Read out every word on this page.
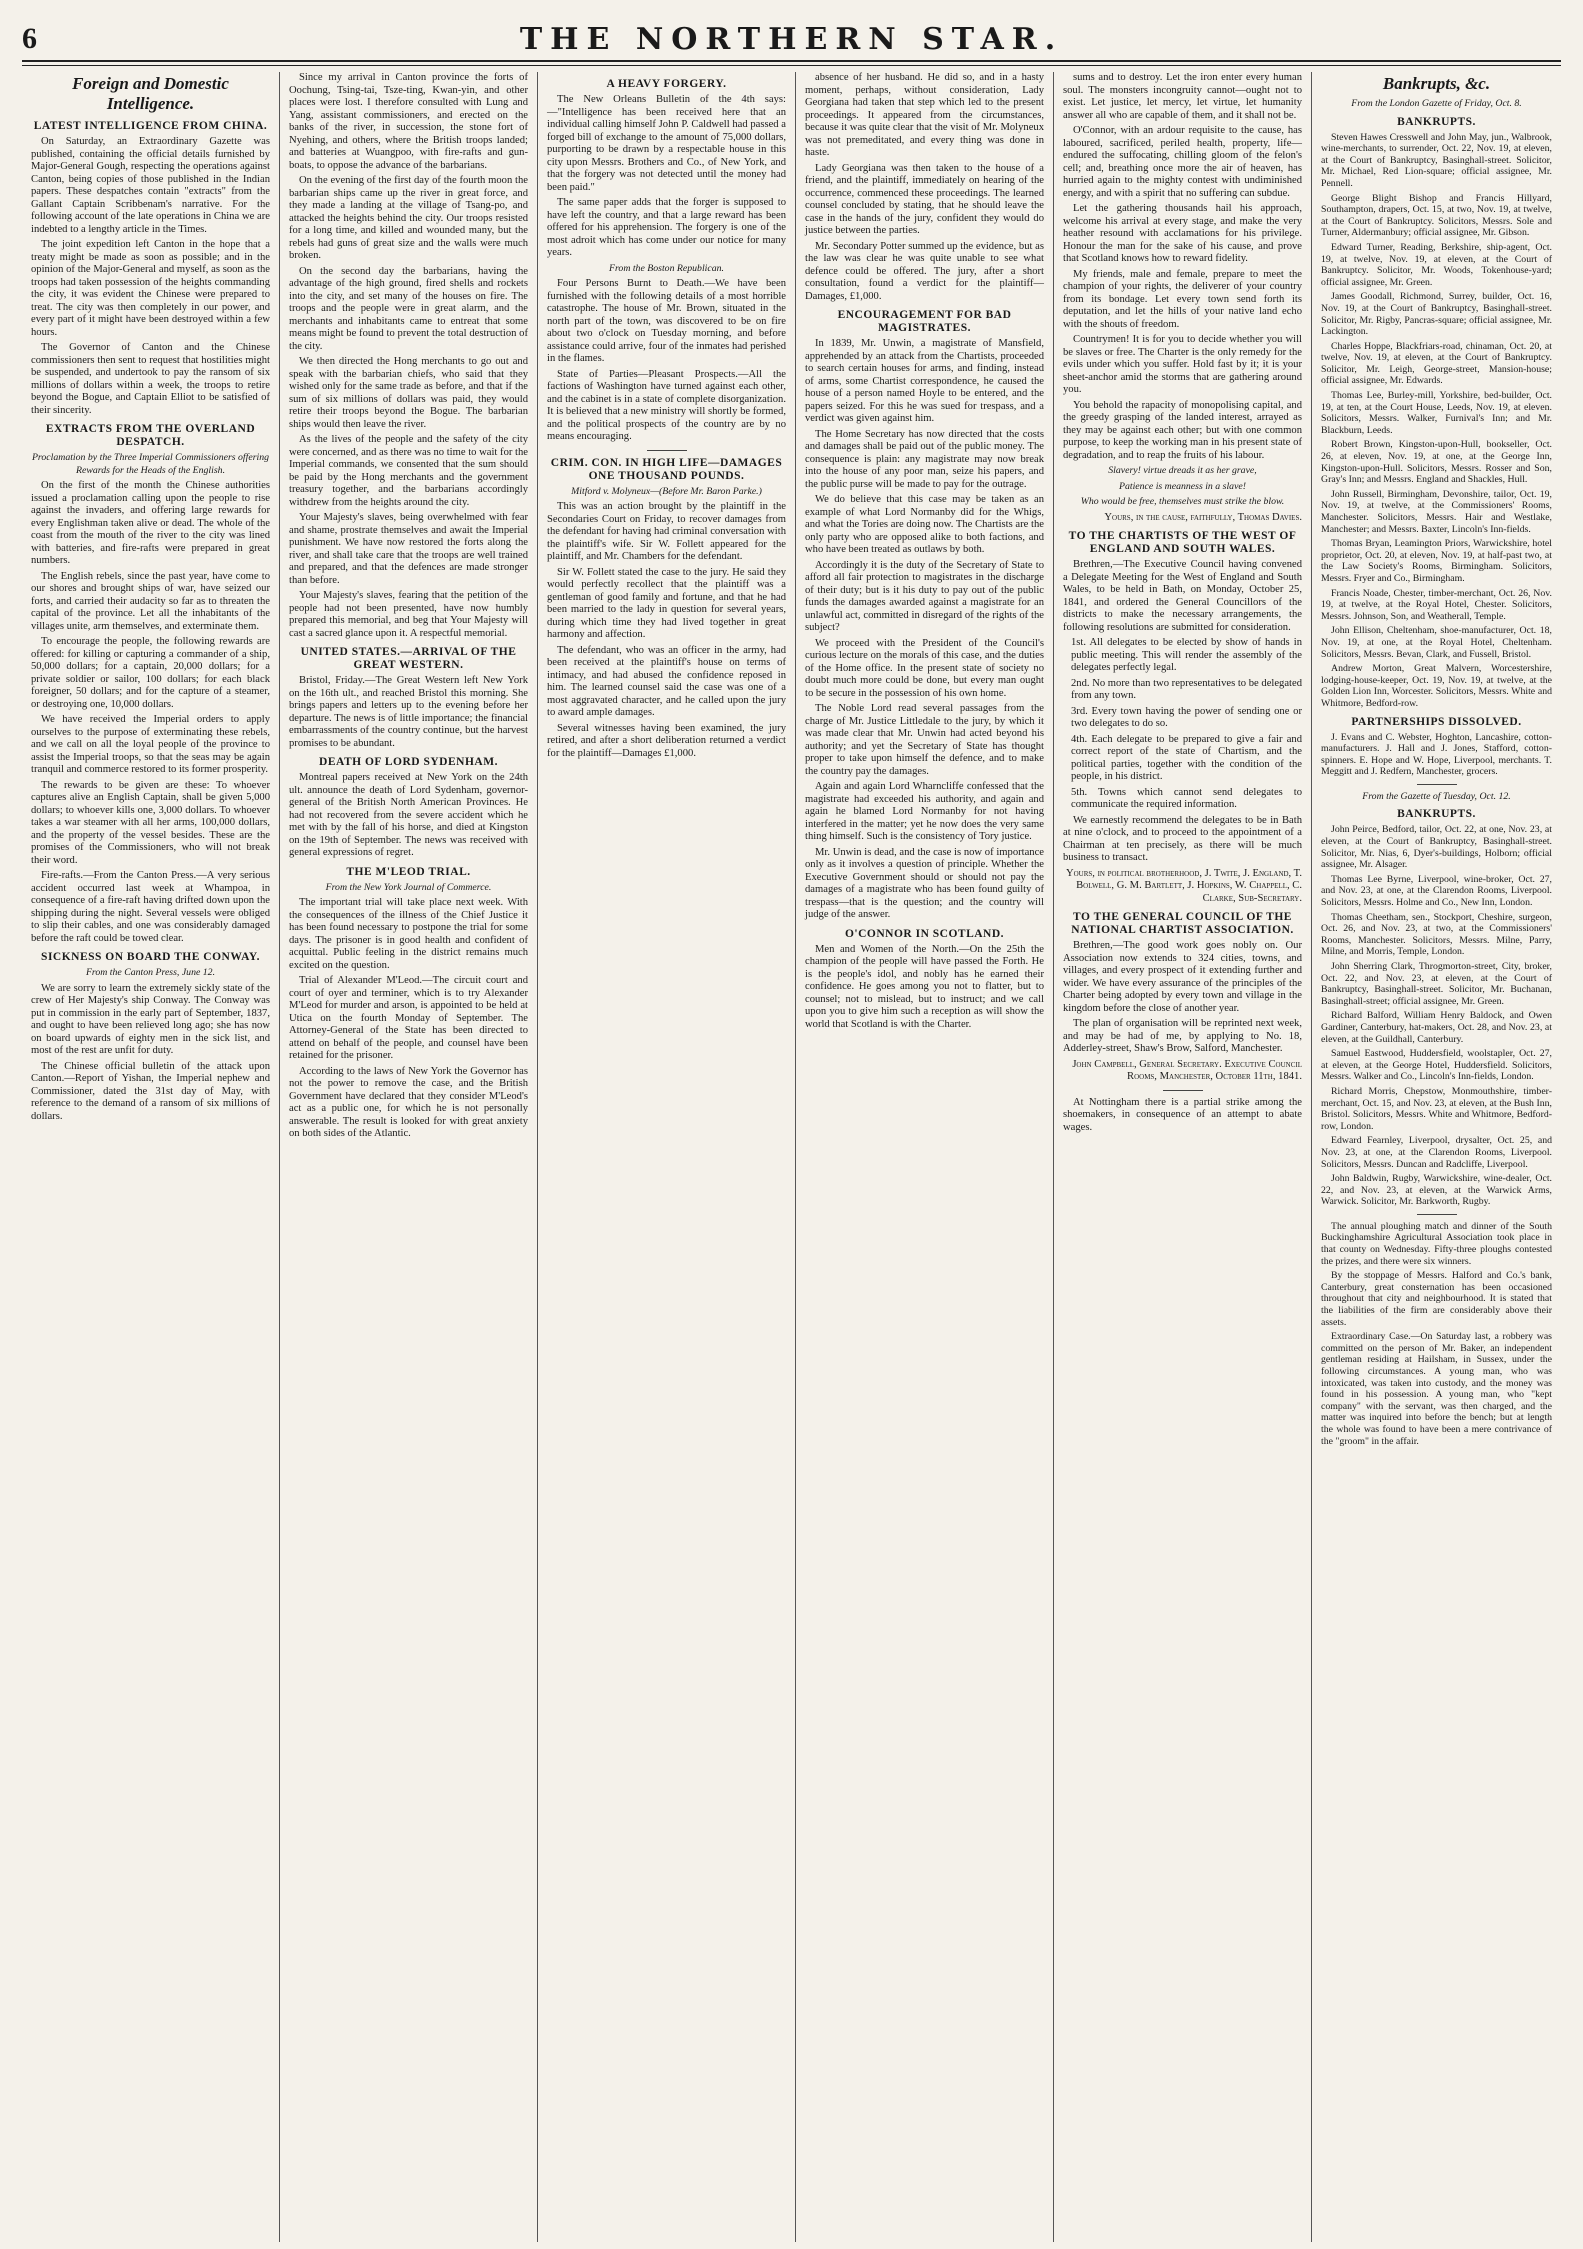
6	THE NORTHERN STAR.
Foreign and Domestic Intelligence.
LATEST INTELLIGENCE FROM CHINA.

On Saturday, an Extraordinary Gazette was published, containing the official details furnished by Major-General Gough, respecting the operations against Canton, being copies of those published in the Indian papers. These despatches contain "extracts" from the Gallant Captain Scribbenam's narrative. For the following account of the late operations in China we are indebted to a lengthy article in the Times.

The joint expedition left Canton in the hope that a treaty might be made as soon as possible; and in the opinion of the Major-General and myself, as soon as the troops had taken possession of the heights commanding the city, it was evident the Chinese were prepared to treat. The city was then completely in our power, and every part of it might have been destroyed within a few hours.

The Governor of Canton and the Chinese commissioners then sent to request that hostilities might be suspended, and undertook to pay the ransom of six millions of dollars within a week, the troops to retire beyond the Bogue, and Captain Elliot to be satisfied of their sincerity.

EXTRACTS FROM THE OVERLAND DESPATCH.
Proclamation by the Three Imperial Commissioners offering Rewards for the Heads of the English.

On the first of the month the Chinese authorities issued a proclamation calling upon the people to rise against the invaders, and offering large rewards for every Englishman taken alive or dead. The whole of the coast from the mouth of the river to the city was lined with batteries, and fire-rafts were prepared in great numbers.

The English rebels, since the past year, have come to our shores and brought ships of war, have seized our forts, and carried their audacity so far as to threaten the capital of the province. Let all the inhabitants of the villages unite, arm themselves, and exterminate them.

To encourage the people, the following rewards are offered: for killing or capturing a commander of a ship, 50,000 dollars; for a captain, 20,000 dollars; for a private soldier or sailor, 100 dollars; for each black foreigner, 50 dollars; and for the capture of a steamer, or destroying one, 10,000 dollars.

We have received the Imperial orders to apply ourselves to the purpose of exterminating these rebels, and we call on all the loyal people of the province to assist the Imperial troops, so that the seas may be again tranquil and commerce restored to its former prosperity.

The rewards to be given are these: To whoever captures alive an English Captain, shall be given 5,000 dollars; to whoever kills one, 3,000 dollars. To whoever takes a war steamer with all her arms, 100,000 dollars, and the property of the vessel besides. These are the promises of the Commissioners, who will not break their word.

Fire-rafts.—From the Canton Press.—A very serious accident occurred last week at Whampoa, in consequence of a fire-raft having drifted down upon the shipping during the night. Several vessels were obliged to slip their cables, and one was considerably damaged before the raft could be towed clear.

SICKNESS ON BOARD THE CONWAY.
From the Canton Press, June 12.

We are sorry to learn the extremely sickly state of the crew of Her Majesty's ship Conway. The Conway was put in commission in the early part of September, 1837, and ought to have been relieved long ago; she has now on board upwards of eighty men in the sick list, and most of the rest are unfit for duty.

The Chinese official bulletin of the attack upon Canton.—Report of Yishan, the Imperial nephew and Commissioner, dated the 31st day of May, with reference to the demand of a ransom of six millions of dollars.

Since my arrival in Canton province the forts of Oochung, Tsing-tai, Tsze-ting, Kwan-yin, and other places were lost. I therefore consulted with Lung and Yang, assistant commissioners, and erected on the banks of the river, in succession, the stone fort of Nyehing, and others, where the British troops landed; and batteries at Wuangpoo, with fire-rafts and gun-boats, to oppose the advance of the barbarians.

On the evening of the first day of the fourth moon the barbarian ships came up the river in great force, and they made a landing at the village of Tsang-po, and attacked the heights behind the city. Our troops resisted for a long time, and killed and wounded many, but the rebels had guns of great size and the walls were much broken.

On the second day the barbarians, having the advantage of the high ground, fired shells and rockets into the city, and set many of the houses on fire. The troops and the people were in great alarm, and the merchants and inhabitants came to entreat that some means might be found to prevent the total destruction of the city.

We then directed the Hong merchants to go out and speak with the barbarian chiefs, who said that they wished only for the same trade as before, and that if the sum of six millions of dollars was paid, they would retire their troops beyond the Bogue. The barbarian ships would then leave the river.

As the lives of the people and the safety of the city were concerned, and as there was no time to wait for the Imperial commands, we consented that the sum should be paid by the Hong merchants and the government treasury together, and the barbarians accordingly withdrew from the heights around the city.

Your Majesty's slaves, being overwhelmed with fear and shame, prostrate themselves and await the Imperial punishment. We have now restored the forts along the river, and shall take care that the troops are well trained and prepared, and that the defences are made stronger than before.

Your Majesty's slaves, fearing that the petition of the people had not been presented, have now humbly prepared this memorial, and beg that Your Majesty will cast a sacred glance upon it. A respectful memorial.

UNITED STATES.—ARRIVAL OF THE GREAT WESTERN.

Bristol, Friday.—The Great Western left New York on the 16th ult., and reached Bristol this morning. She brings papers and letters up to the evening before her departure. The news is of little importance; the financial embarrassments of the country continue, but the harvest promises to be abundant.

DEATH OF LORD SYDENHAM.

Montreal papers received at New York on the 24th ult. announce the death of Lord Sydenham, governor-general of the British North American Provinces. He had not recovered from the severe accident which he met with by the fall of his horse, and died at Kingston on the 19th of September. The news was received with general expressions of regret.

THE M'LEOD TRIAL.
From the New York Journal of Commerce.

The important trial will take place next week. With the consequences of the illness of the Chief Justice it has been found necessary to postpone the trial for some days. The prisoner is in good health and confident of acquittal. Public feeling in the district remains much excited on the question.

Trial of Alexander M'Leod.—The circuit court and court of oyer and terminer, which is to try Alexander M'Leod for murder and arson, is appointed to be held at Utica on the fourth Monday of September. The Attorney-General of the State has been directed to attend on behalf of the people, and counsel have been retained for the prisoner.

According to the laws of New York the Governor has not the power to remove the case, and the British Government have declared that they consider M'Leod's act as a public one, for which he is not personally answerable. The result is looked for with great anxiety on both sides of the Atlantic.

A HEAVY FORGERY.

The New Orleans Bulletin of the 4th says:—"Intelligence has been received here that an individual calling himself John P. Caldwell had passed a forged bill of exchange to the amount of 75,000 dollars, purporting to be drawn by a respectable house in this city upon Messrs. Brothers and Co., of New York, and that the forgery was not detected until the money had been paid."

The same paper adds that the forger is supposed to have left the country, and that a large reward has been offered for his apprehension. The forgery is one of the most adroit which has come under our notice for many years.

From the Boston Republican.

Four Persons Burnt to Death.—We have been furnished with the following details of a most horrible catastrophe. The house of Mr. Brown, situated in the north part of the town, was discovered to be on fire about two o'clock on Tuesday morning, and before assistance could arrive, four of the inmates had perished in the flames.

State of Parties—Pleasant Prospects.—All the factions of Washington have turned against each other, and the cabinet is in a state of complete disorganization. It is believed that a new ministry will shortly be formed, and the political prospects of the country are by no means encouraging.

CRIM. CON. IN HIGH LIFE—DAMAGES ONE THOUSAND POUNDS.
Mitford v. Molyneux—(Before Mr. Baron Parke.)

This was an action brought by the plaintiff in the Secondaries Court on Friday, to recover damages from the defendant for having had criminal conversation with the plaintiff's wife. Sir W. Follett appeared for the plaintiff, and Mr. Chambers for the defendant.

Sir W. Follett stated the case to the jury. He said they would perfectly recollect that the plaintiff was a gentleman of good family and fortune, and that he had been married to the lady in question for several years, during which time they had lived together in great harmony and affection.

The defendant, who was an officer in the army, had been received at the plaintiff's house on terms of intimacy, and had abused the confidence reposed in him. The learned counsel said the case was one of a most aggravated character, and he called upon the jury to award ample damages.

Several witnesses having been examined, the jury retired, and after a short deliberation returned a verdict for the plaintiff—Damages £1,000.

absence of her husband. He did so, and in a hasty moment, perhaps, without consideration, Lady Georgiana had taken that step which led to the present proceedings. It appeared from the circumstances, because it was quite clear that the visit of Mr. Molyneux was not premeditated, and every thing was done in haste.

Lady Georgiana was then taken to the house of a friend, and the plaintiff, immediately on hearing of the occurrence, commenced these proceedings. The learned counsel concluded by stating, that he should leave the case in the hands of the jury, confident they would do justice between the parties.

Mr. Secondary Potter summed up the evidence, but as the law was clear he was quite unable to see what defence could be offered. The jury, after a short consultation, found a verdict for the plaintiff—Damages, £1,000.

ENCOURAGEMENT FOR BAD MAGISTRATES.

In 1839, Mr. Unwin, a magistrate of Mansfield, apprehended by an attack from the Chartists, proceeded to search certain houses for arms, and finding, instead of arms, some Chartist correspondence, he caused the house of a person named Hoyle to be entered, and the papers seized. For this he was sued for trespass, and a verdict was given against him.

The Home Secretary has now directed that the costs and damages shall be paid out of the public money. The consequence is plain: any magistrate may now break into the house of any poor man, seize his papers, and the public purse will be made to pay for the outrage.

We do believe that this case may be taken as an example of what Lord Normanby did for the Whigs, and what the Tories are doing now. The Chartists are the only party who are opposed alike to both factions, and who have been treated as outlaws by both.

Accordingly it is the duty of the Secretary of State to afford all fair protection to magistrates in the discharge of their duty; but is it his duty to pay out of the public funds the damages awarded against a magistrate for an unlawful act, committed in disregard of the rights of the subject?

We proceed with the President of the Council's curious lecture on the morals of this case, and the duties of the Home office. In the present state of society no doubt much more could be done, but every man ought to be secure in the possession of his own home.

The Noble Lord read several passages from the charge of Mr. Justice Littledale to the jury, by which it was made clear that Mr. Unwin had acted beyond his authority; and yet the Secretary of State has thought proper to take upon himself the defence, and to make the country pay the damages.

Again and again Lord Wharncliffe confessed that the magistrate had exceeded his authority, and again and again he blamed Lord Normanby for not having interfered in the matter; yet he now does the very same thing himself. Such is the consistency of Tory justice.

Mr. Unwin is dead, and the case is now of importance only as it involves a question of principle. Whether the Executive Government should or should not pay the damages of a magistrate who has been found guilty of trespass—that is the question; and the country will judge of the answer.

O'CONNOR IN SCOTLAND.

Men and Women of the North.—On the 25th the champion of the people will have passed the Forth. He is the people's idol, and nobly has he earned their confidence. He goes among you not to flatter, but to counsel; not to mislead, but to instruct; and we call upon you to give him such a reception as will show the world that Scotland is with the Charter.

sums and to destroy. Let the iron enter every human soul. The monsters incongruity cannot—ought not to exist. Let justice, let mercy, let virtue, let humanity answer all who are capable of them, and it shall not be.

O'Connor, with an ardour requisite to the cause, has laboured, sacrificed, periled health, property, life—endured the suffocating, chilling gloom of the felon's cell; and, breathing once more the air of heaven, has hurried again to the mighty contest with undiminished energy, and with a spirit that no suffering can subdue.

Let the gathering thousands hail his approach, welcome his arrival at every stage, and make the very heather resound with acclamations for his privilege. Honour the man for the sake of his cause, and prove that Scotland knows how to reward fidelity.

My friends, male and female, prepare to meet the champion of your rights, the deliverer of your country from its bondage. Let every town send forth its deputation, and let the hills of your native land echo with the shouts of freedom.

Countrymen! It is for you to decide whether you will be slaves or free. The Charter is the only remedy for the evils under which you suffer. Hold fast by it; it is your sheet-anchor amid the storms that are gathering around you.

You behold the rapacity of monopolising capital, and the greedy grasping of the landed interest, arrayed as they may be against each other; but with one common purpose, to keep the working man in his present state of degradation, and to reap the fruits of his labour.

Slavery! virtue dreads it as her grave,
Patience is meanness in a slave!
Who would be free, themselves must strike the blow.
Yours, in the cause, faithfully, Thomas Davies.
TO THE CHARTISTS OF THE WEST OF ENGLAND AND SOUTH WALES.

Brethren,—The Executive Council having convened a Delegate Meeting for the West of England and South Wales, to be held in Bath, on Monday, October 25, 1841, and ordered the General Councillors of the districts to make the necessary arrangements, the following resolutions are submitted for consideration.

1st. All delegates to be elected by show of hands in public meeting. This will render the assembly of the delegates perfectly legal.

2nd. No more than two representatives to be delegated from any town.

3rd. Every town having the power of sending one or two delegates to do so.

4th. Each delegate to be prepared to give a fair and correct report of the state of Chartism, and the political parties, together with the condition of the people, in his district.

5th. Towns which cannot send delegates to communicate the required information.

We earnestly recommend the delegates to be in Bath at nine o'clock, and to proceed to the appointment of a Chairman at ten precisely, as there will be much business to transact.

Yours, in political brotherhood, J. Twite, J. England, T. Bolwell, G. M. Bartlett, J. Hopkins, W. Chappell, C. Clarke, Sub-Secretary.
TO THE GENERAL COUNCIL OF THE NATIONAL CHARTIST ASSOCIATION.

Brethren,—The good work goes nobly on. Our Association now extends to 324 cities, towns, and villages, and every prospect of it extending further and wider. We have every assurance of the principles of the Charter being adopted by every town and village in the kingdom before the close of another year.

The plan of organisation will be reprinted next week, and may be had of me, by applying to No. 18, Adderley-street, Shaw's Brow, Salford, Manchester.

John Campbell, General Secretary. Executive Council Rooms, Manchester, October 11th, 1841.

At Nottingham there is a partial strike among the shoemakers, in consequence of an attempt to abate wages.

Bankrupts, &c.
From the London Gazette of Friday, Oct. 8.
BANKRUPTS.

Steven Hawes Cresswell and John May, jun., Walbrook, wine-merchants, to surrender, Oct. 22, Nov. 19, at eleven, at the Court of Bankruptcy, Basinghall-street. Solicitor, Mr. Michael, Red Lion-square; official assignee, Mr. Pennell.

George Blight Bishop and Francis Hillyard, Southampton, drapers, Oct. 15, at two, Nov. 19, at twelve, at the Court of Bankruptcy. Solicitors, Messrs. Sole and Turner, Aldermanbury; official assignee, Mr. Gibson.

Edward Turner, Reading, Berkshire, ship-agent, Oct. 19, at twelve, Nov. 19, at eleven, at the Court of Bankruptcy. Solicitor, Mr. Woods, Tokenhouse-yard; official assignee, Mr. Green.

James Goodall, Richmond, Surrey, builder, Oct. 16, Nov. 19, at the Court of Bankruptcy, Basinghall-street. Solicitor, Mr. Rigby, Pancras-square; official assignee, Mr. Lackington.

Charles Hoppe, Blackfriars-road, chinaman, Oct. 20, at twelve, Nov. 19, at eleven, at the Court of Bankruptcy. Solicitor, Mr. Leigh, George-street, Mansion-house; official assignee, Mr. Edwards.

Thomas Lee, Burley-mill, Yorkshire, bed-builder, Oct. 19, at ten, at the Court House, Leeds, Nov. 19, at eleven. Solicitors, Messrs. Walker, Furnival's Inn; and Mr. Blackburn, Leeds.

Robert Brown, Kingston-upon-Hull, bookseller, Oct. 26, at eleven, Nov. 19, at one, at the George Inn, Kingston-upon-Hull. Solicitors, Messrs. Rosser and Son, Gray's Inn; and Messrs. England and Shackles, Hull.

John Russell, Birmingham, Devonshire, tailor, Oct. 19, Nov. 19, at twelve, at the Commissioners' Rooms, Manchester. Solicitors, Messrs. Hair and Westlake, Manchester; and Messrs. Baxter, Lincoln's Inn-fields.

Thomas Bryan, Leamington Priors, Warwickshire, hotel proprietor, Oct. 20, at eleven, Nov. 19, at half-past two, at the Law Society's Rooms, Birmingham. Solicitors, Messrs. Fryer and Co., Birmingham.

Francis Noade, Chester, timber-merchant, Oct. 26, Nov. 19, at twelve, at the Royal Hotel, Chester. Solicitors, Messrs. Johnson, Son, and Weatherall, Temple.

John Ellison, Cheltenham, shoe-manufacturer, Oct. 18, Nov. 19, at one, at the Royal Hotel, Cheltenham. Solicitors, Messrs. Bevan, Clark, and Fussell, Bristol.

Andrew Morton, Great Malvern, Worcestershire, lodging-house-keeper, Oct. 19, Nov. 19, at twelve, at the Golden Lion Inn, Worcester. Solicitors, Messrs. White and Whitmore, Bedford-row.

PARTNERSHIPS DISSOLVED.

J. Evans and C. Webster, Hoghton, Lancashire, cotton-manufacturers. J. Hall and J. Jones, Stafford, cotton-spinners. E. Hope and W. Hope, Liverpool, merchants. T. Meggitt and J. Redfern, Manchester, grocers.

From the Gazette of Tuesday, Oct. 12.
BANKRUPTS.

John Peirce, Bedford, tailor, Oct. 22, at one, Nov. 23, at eleven, at the Court of Bankruptcy, Basinghall-street. Solicitor, Mr. Nias, 6, Dyer's-buildings, Holborn; official assignee, Mr. Alsager.

Thomas Lee Byrne, Liverpool, wine-broker, Oct. 27, and Nov. 23, at one, at the Clarendon Rooms, Liverpool. Solicitors, Messrs. Holme and Co., New Inn, London.

Thomas Cheetham, sen., Stockport, Cheshire, surgeon, Oct. 26, and Nov. 23, at two, at the Commissioners' Rooms, Manchester. Solicitors, Messrs. Milne, Parry, Milne, and Morris, Temple, London.

John Sherring Clark, Throgmorton-street, City, broker, Oct. 22, and Nov. 23, at eleven, at the Court of Bankruptcy, Basinghall-street. Solicitor, Mr. Buchanan, Basinghall-street; official assignee, Mr. Green.

Richard Balford, William Henry Baldock, and Owen Gardiner, Canterbury, hat-makers, Oct. 28, and Nov. 23, at eleven, at the Guildhall, Canterbury.

Samuel Eastwood, Huddersfield, woolstapler, Oct. 27, at eleven, at the George Hotel, Huddersfield. Solicitors, Messrs. Walker and Co., Lincoln's Inn-fields, London.

Richard Morris, Chepstow, Monmouthshire, timber-merchant, Oct. 15, and Nov. 23, at eleven, at the Bush Inn, Bristol. Solicitors, Messrs. White and Whitmore, Bedford-row, London.

Edward Fearnley, Liverpool, drysalter, Oct. 25, and Nov. 23, at one, at the Clarendon Rooms, Liverpool. Solicitors, Messrs. Duncan and Radcliffe, Liverpool.

John Baldwin, Rugby, Warwickshire, wine-dealer, Oct. 22, and Nov. 23, at eleven, at the Warwick Arms, Warwick. Solicitor, Mr. Barkworth, Rugby.

The annual ploughing match and dinner of the South Buckinghamshire Agricultural Association took place in that county on Wednesday. Fifty-three ploughs contested the prizes, and there were six winners.

By the stoppage of Messrs. Halford and Co.'s bank, Canterbury, great consternation has been occasioned throughout that city and neighbourhood. It is stated that the liabilities of the firm are considerably above their assets.

Extraordinary Case.—On Saturday last, a robbery was committed on the person of Mr. Baker, an independent gentleman residing at Hailsham, in Sussex, under the following circumstances. A young man, who was intoxicated, was taken into custody, and the money was found in his possession. A young man, who "kept company" with the servant, was then charged, and the matter was inquired into before the bench; but at length the whole was found to have been a mere contrivance of the "groom" in the affair.
